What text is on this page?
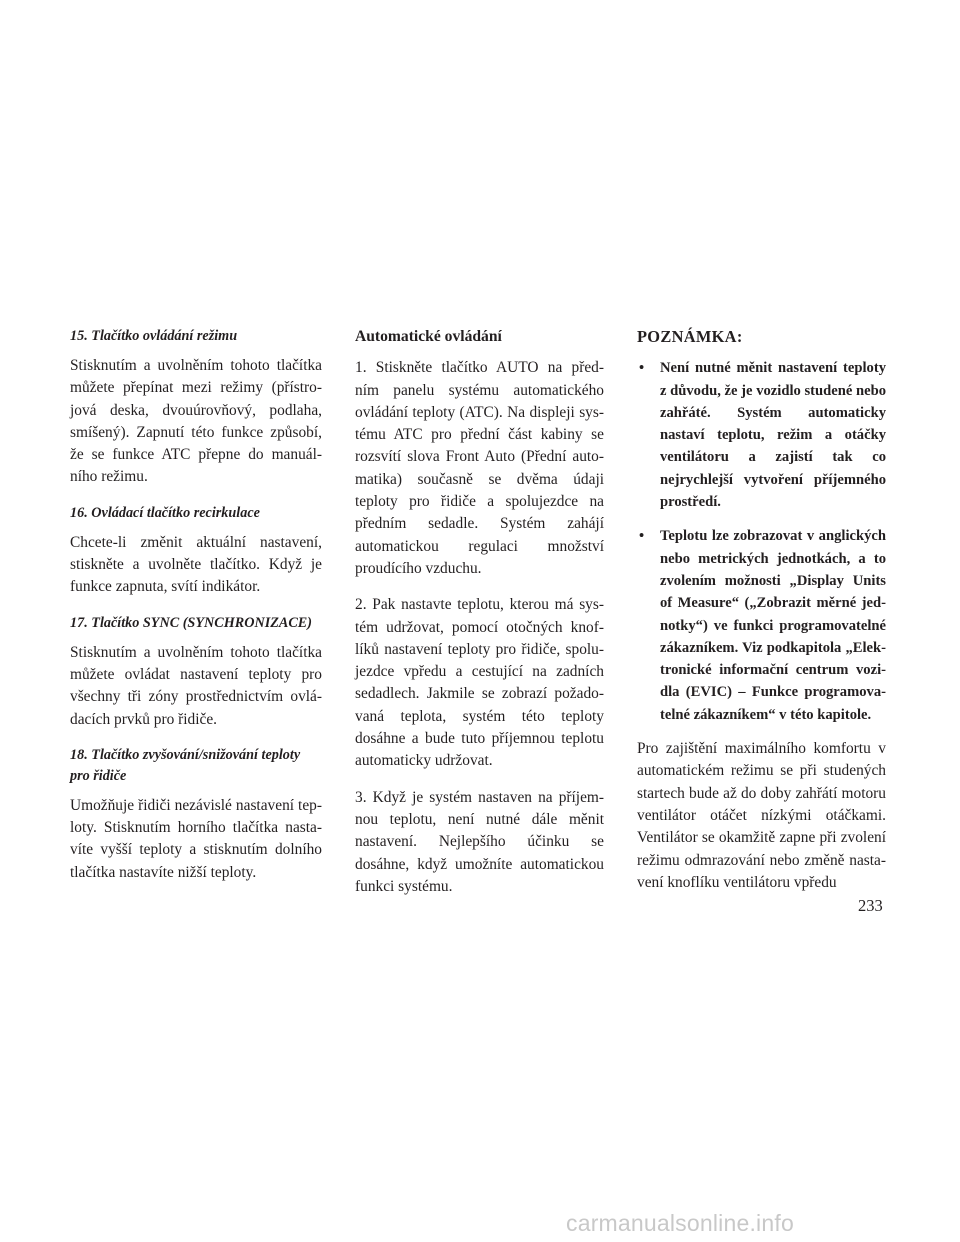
15. Tlačítko ovládání režimu

Stisknutím a uvolněním tohoto tlačítka můžete přepínat mezi režimy (přístro- jová deska, dvouúrovňový, podlaha, smíšený). Zapnutí této funkce způsobí, že se funkce ATC přepne do manuál- ního režimu.

16. Ovládací tlačítko recirkulace

Chcete-li změnit aktuální nastavení, stiskněte a uvolněte tlačítko. Když je funkce zapnuta, svítí indikátor.

17. Tlačítko SYNC (SYNCHRONIZACE)

Stisknutím a uvolněním tohoto tlačítka můžete ovládat nastavení teploty pro všechny tři zóny prostřednictvím ovlá- dacích prvků pro řidiče.

18. Tlačítko zvyšování/snižování teploty pro řidiče

Umožňuje řidiči nezávislé nastavení tep- loty. Stisknutím horního tlačítka nasta- víte vyšší teploty a stisknutím dolního tlačítka nastavíte nižší teploty.

Automatické ovládání

1. Stiskněte tlačítko AUTO na před- ním panelu systému automatického ovládání teploty (ATC). Na displeji sys- tému ATC pro přední část kabiny se rozsvítí slova Front Auto (Přední auto- matika) současně se dvěma údaji teploty pro řidiče a spolujezdce na předním sedadle. Systém zahájí automatickou regulaci množství proudícího vzduchu.

2. Pak nastavte teplotu, kterou má sys- tém udržovat, pomocí otočných knof- líků nastavení teploty pro řidiče, spolu- jezdce vpředu a cestující na zadních sedadlech. Jakmile se zobrazí požado- vaná teplota, systém této teploty dosáhne a bude tuto příjemnou teplotu automaticky udržovat.

3. Když je systém nastaven na příjem- nou teplotu, není nutné dále měnit nastavení. Nejlepšího účinku se dosáhne, když umožníte automatickou funkci systému.

POZNÁMKA:
• Není nutné měnit nastavení teploty z důvodu, že je vozidlo studené nebo zahřáté. Systém automaticky nastaví teplotu, režim a otáčky ventilátoru a zajistí tak co nejrychlejší vytvoření příjemného prostředí.
• Teplotu lze zobrazovat v anglických nebo metrických jednotkách, a to zvolením možnosti „Display Units of Measure“ („Zobrazit měrné jed- notky“) ve funkci programovatelné zákazníkem. Viz podkapitola „Elek- tronické informační centrum vozi- dla (EVIC) – Funkce programova- telné zákazníkem“ v této kapitole.

Pro zajištění maximálního komfortu v automatickém režimu se při studených startech bude až do doby zahřátí motoru ventilátor otáčet nízkými otáčkami. Ventilátor se okamžitě zapne při zvolení režimu odmrazování nebo změně nasta- vení knoflíku ventilátoru vpředu

233
carmanualsonline.info
